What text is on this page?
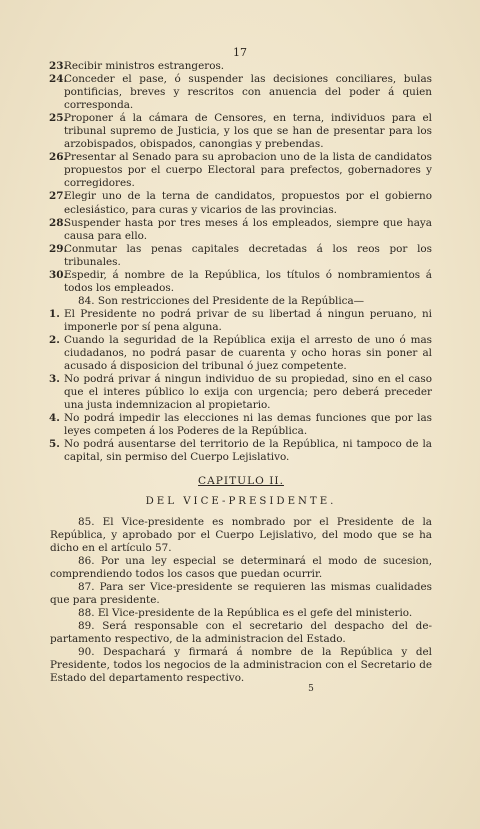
17

23.
Recibir ministros estrangeros.

24.
Conceder el pase, ó suspender las decisiones conciliares, bulas pontificias, breves y rescritos con anuencia del poder á quien corresponda.

25.
Proponer á la cámara de Censores, en terna, individuos para el tribunal supremo de Justicia, y los que se han de presentar para los arzobispados, obispados, canongias y prebendas.

26.
Presentar al Senado para su aprobacion uno de la lista de candidatos propuestos por el cuerpo Electoral para prefectos, gobernadores y corregidores.

27.
Elegir uno de la terna de candidatos, propuestos por el gobierno eclesiástico, para curas y vicarios de las provincias.

28.
Suspender hasta por tres meses á los empleados, siempre que haya causa para ello.

29.
Conmutar las penas capitales decretadas á los reos por los tribunales.

30.
Espedir, á nombre de la República, los títulos ó nombramientos á todos los empleados.

84. Son restricciones del Presidente de la República—

1. El Presidente no podrá privar de su libertad á ningun peruano, ni imponerle por sí pena alguna.

2. Cuando la seguridad de la República exija el arresto de uno ó mas ciudadanos, no podrá pasar de cuarenta y ocho horas sin poner al acusado á disposicion del tribunal ó juez competente.

3. No podrá privar á ningun individuo de su propiedad, sino en el caso que el interes público lo exija con urgencia; pero deberá preceder una justa indemnizacion al propietario.

4. No podrá impedir las elecciones ni las demas funciones que por las leyes competen á los Poderes de la República.

5. No podrá ausentarse del territorio de la República, ni tampoco de la capital, sin permiso del Cuerpo Lejislativo.

CAPITULO II.
DEL VICE-PRESIDENTE.

85. El Vice-presidente es nombrado por el Presidente de la República, y aprobado por el Cuerpo Lejislativo, del modo que se ha dicho en el artículo 57.

86. Por una ley especial se determinará el modo de sucesion, comprendiendo todos los casos que puedan ocurrir.

87. Para ser Vice-presidente se requieren las mismas cualidades que para presidente.

88. El Vice-presidente de la República es el gefe del ministerio.

89. Será responsable con el secretario del despacho del departamento respectivo, de la administracion del Estado.

90. Despachará y firmará á nombre de la República y del Presidente, todos los negocios de la administracion con el Secretario de Estado del departamento respectivo.

5
